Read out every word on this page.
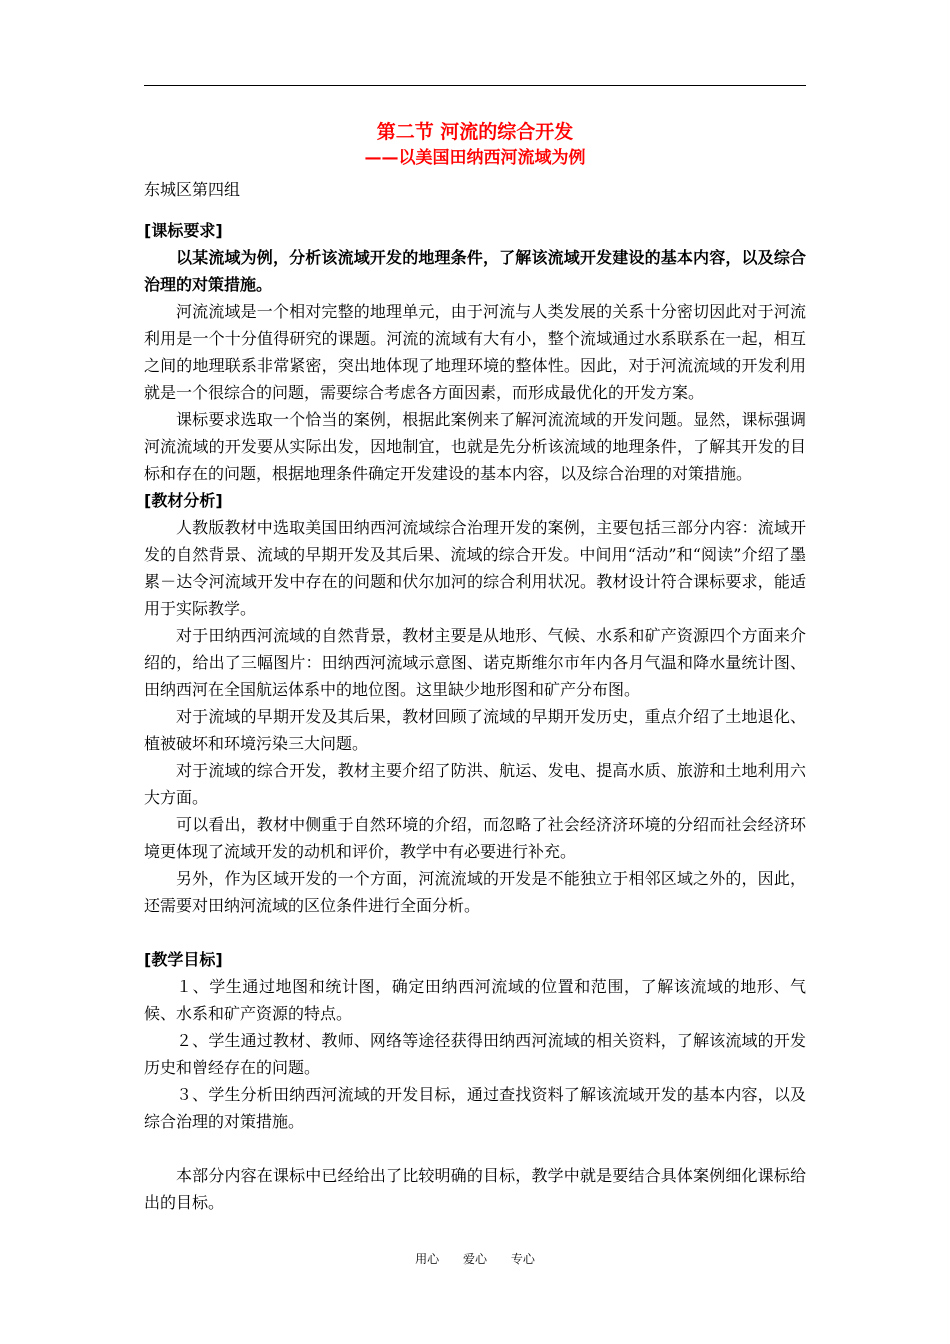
第二节 河流的综合开发
——以美国田纳西河流域为例
东城区第四组
[课标要求]

以某流域为例，分析该流域开发的地理条件，了解该流域开发建设的基本内容，以及综合治理的对策措施。

河流流域是一个相对完整的地理单元，由于河流与人类发展的关系十分密切因此对于河流利用是一个十分值得研究的课题。河流的流域有大有小，整个流域通过水系联系在一起，相互之间的地理联系非常紧密，突出地体现了地理环境的整体性。因此，对于河流流域的开发利用就是一个很综合的问题，需要综合考虑各方面因素，而形成最优化的开发方案。

课标要求选取一个恰当的案例，根据此案例来了解河流流域的开发问题。显然，课标强调河流流域的开发要从实际出发，因地制宜，也就是先分析该流域的地理条件，了解其开发的目标和存在的问题，根据地理条件确定开发建设的基本内容，以及综合治理的对策措施。

[教材分析]

人教版教材中选取美国田纳西河流域综合治理开发的案例，主要包括三部分内容：流域开发的自然背景、流域的早期开发及其后果、流域的综合开发。中间用“活动”和“阅读”介绍了墨累－达令河流域开发中存在的问题和伏尔加河的综合利用状况。教材设计符合课标要求，能适用于实际教学。

对于田纳西河流域的自然背景，教材主要是从地形、气候、水系和矿产资源四个方面来介绍的，给出了三幅图片：田纳西河流域示意图、诺克斯维尔市年内各月气温和降水量统计图、田纳西河在全国航运体系中的地位图。这里缺少地形图和矿产分布图。

对于流域的早期开发及其后果，教材回顾了流域的早期开发历史，重点介绍了土地退化、植被破坏和环境污染三大问题。

对于流域的综合开发，教材主要介绍了防洪、航运、发电、提高水质、旅游和土地利用六大方面。

可以看出，教材中侧重于自然环境的介绍，而忽略了社会经济济环境的分绍而社会经济环境更体现了流域开发的动机和评价，教学中有必要进行补充。

另外，作为区域开发的一个方面，河流流域的开发是不能独立于相邻区域之外的，因此，还需要对田纳河流域的区位条件进行全面分析。

[教学目标]

１、学生通过地图和统计图，确定田纳西河流域的位置和范围，了解该流域的地形、气候、水系和矿产资源的特点。

２、学生通过教材、教师、网络等途径获得田纳西河流域的相关资料，了解该流域的开发历史和曾经存在的问题。

３、学生分析田纳西河流域的开发目标，通过查找资料了解该流域开发的基本内容，以及综合治理的对策措施。

本部分内容在课标中已经给出了比较明确的目标，教学中就是要结合具体案例细化课标给出的目标。

用心 爱心 专心
